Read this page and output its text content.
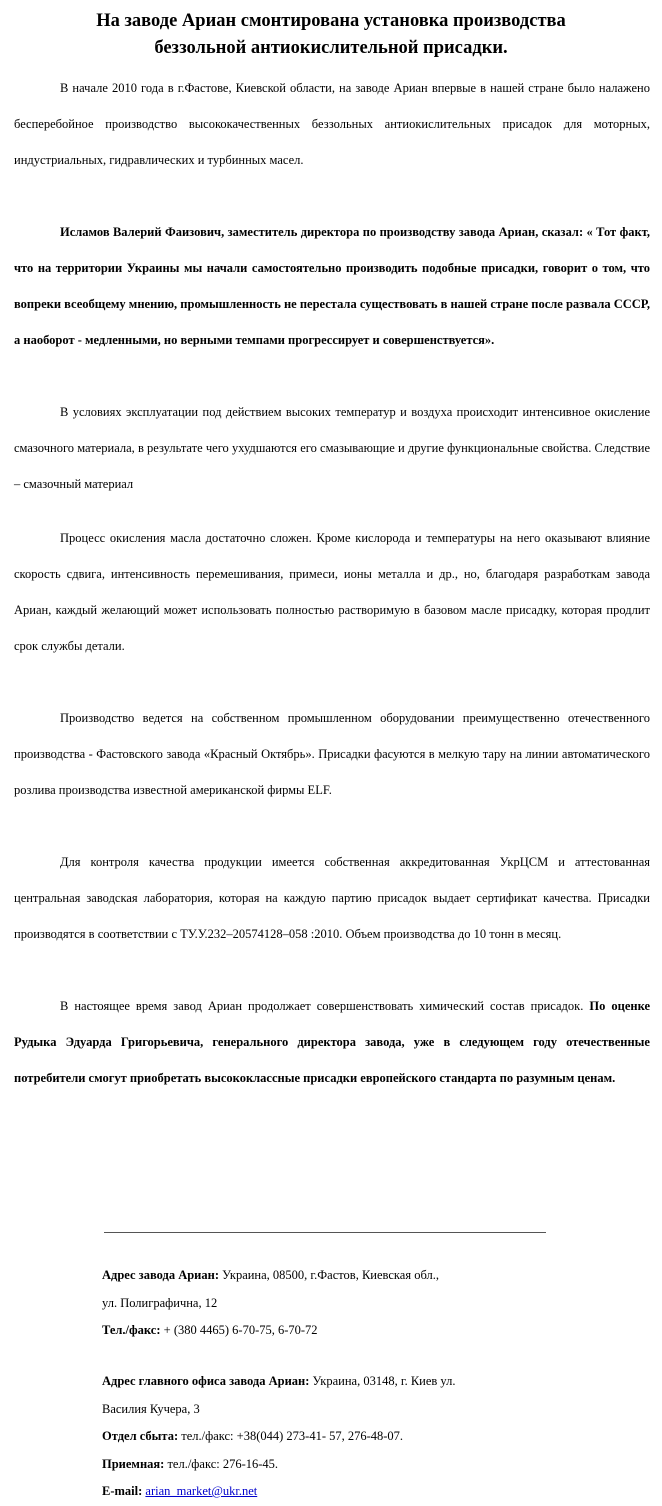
На заводе Ариан смонтирована установка производства
беззольной антиокислительной присадки.

В начале 2010 года в г.Фастове, Киевской области, на заводе Ариан впервые в нашей стране было налажено бесперебойное производство высококачественных беззольных антиокислительных присадок для моторных, индустриальных, гидравлических и турбинных масел.

Исламов Валерий Фаизович, заместитель директора по производству завода Ариан, сказал: « Тот факт, что на территории Украины мы начали самостоятельно производить подобные присадки, говорит о том, что вопреки всеобщему мнению, промышленность не перестала существовать в нашей стране после развала СССР, а наоборот - медленными, но верными темпами прогрессирует и совершенствуется».

В условиях эксплуатации под действием высоких температур и воздуха происходит интенсивное окисление смазочного материала, в результате чего ухудшаются его смазывающие и другие функциональные свойства. Следствие – смазочный материал

Процесс окисления масла достаточно сложен. Кроме кислорода и температуры на него оказывают влияние скорость сдвига, интенсивность перемешивания, примеси, ионы металла и др., но, благодаря разработкам завода Ариан, каждый желающий может использовать полностью растворимую в базовом масле присадку, которая продлит срок службы детали.

Производство ведется на собственном промышленном оборудовании преимущественно отечественного производства - Фастовского завода «Красный Октябрь». Присадки фасуются в мелкую тару на линии автоматического розлива производства известной американской фирмы ELF.

Для контроля качества продукции имеется собственная аккредитованная УкрЦСМ и аттестованная центральная заводская лаборатория, которая на каждую партию присадок выдает сертификат качества. Присадки производятся в соответствии с ТУ.У.232–20574128–058 :2010. Объем производства до 10 тонн в месяц.

В настоящее время завод Ариан продолжает совершенствовать химический состав присадок. По оценке Рудыка Эдуарда Григорьевича, генерального директора завода, уже в следующем году отечественные потребители смогут приобретать высококлассные присадки европейского стандарта по разумным ценам.

Адрес завода Ариан: Украина, 08500, г.Фастов, Киевская обл.,
ул. Полиграфична, 12
Тел./факс: + (380 4465) 6-70-75, 6-70-72
Адрес главного офиса завода Ариан: Украина, 03148, г. Киев ул.
Василия Кучера, 3
Отдел сбыта: тел./факс: +38(044) 273-41- 57, 276-48-07.
Приемная: тел./факс: 276-16-45.
E-mail: arian_market@ukr.net
